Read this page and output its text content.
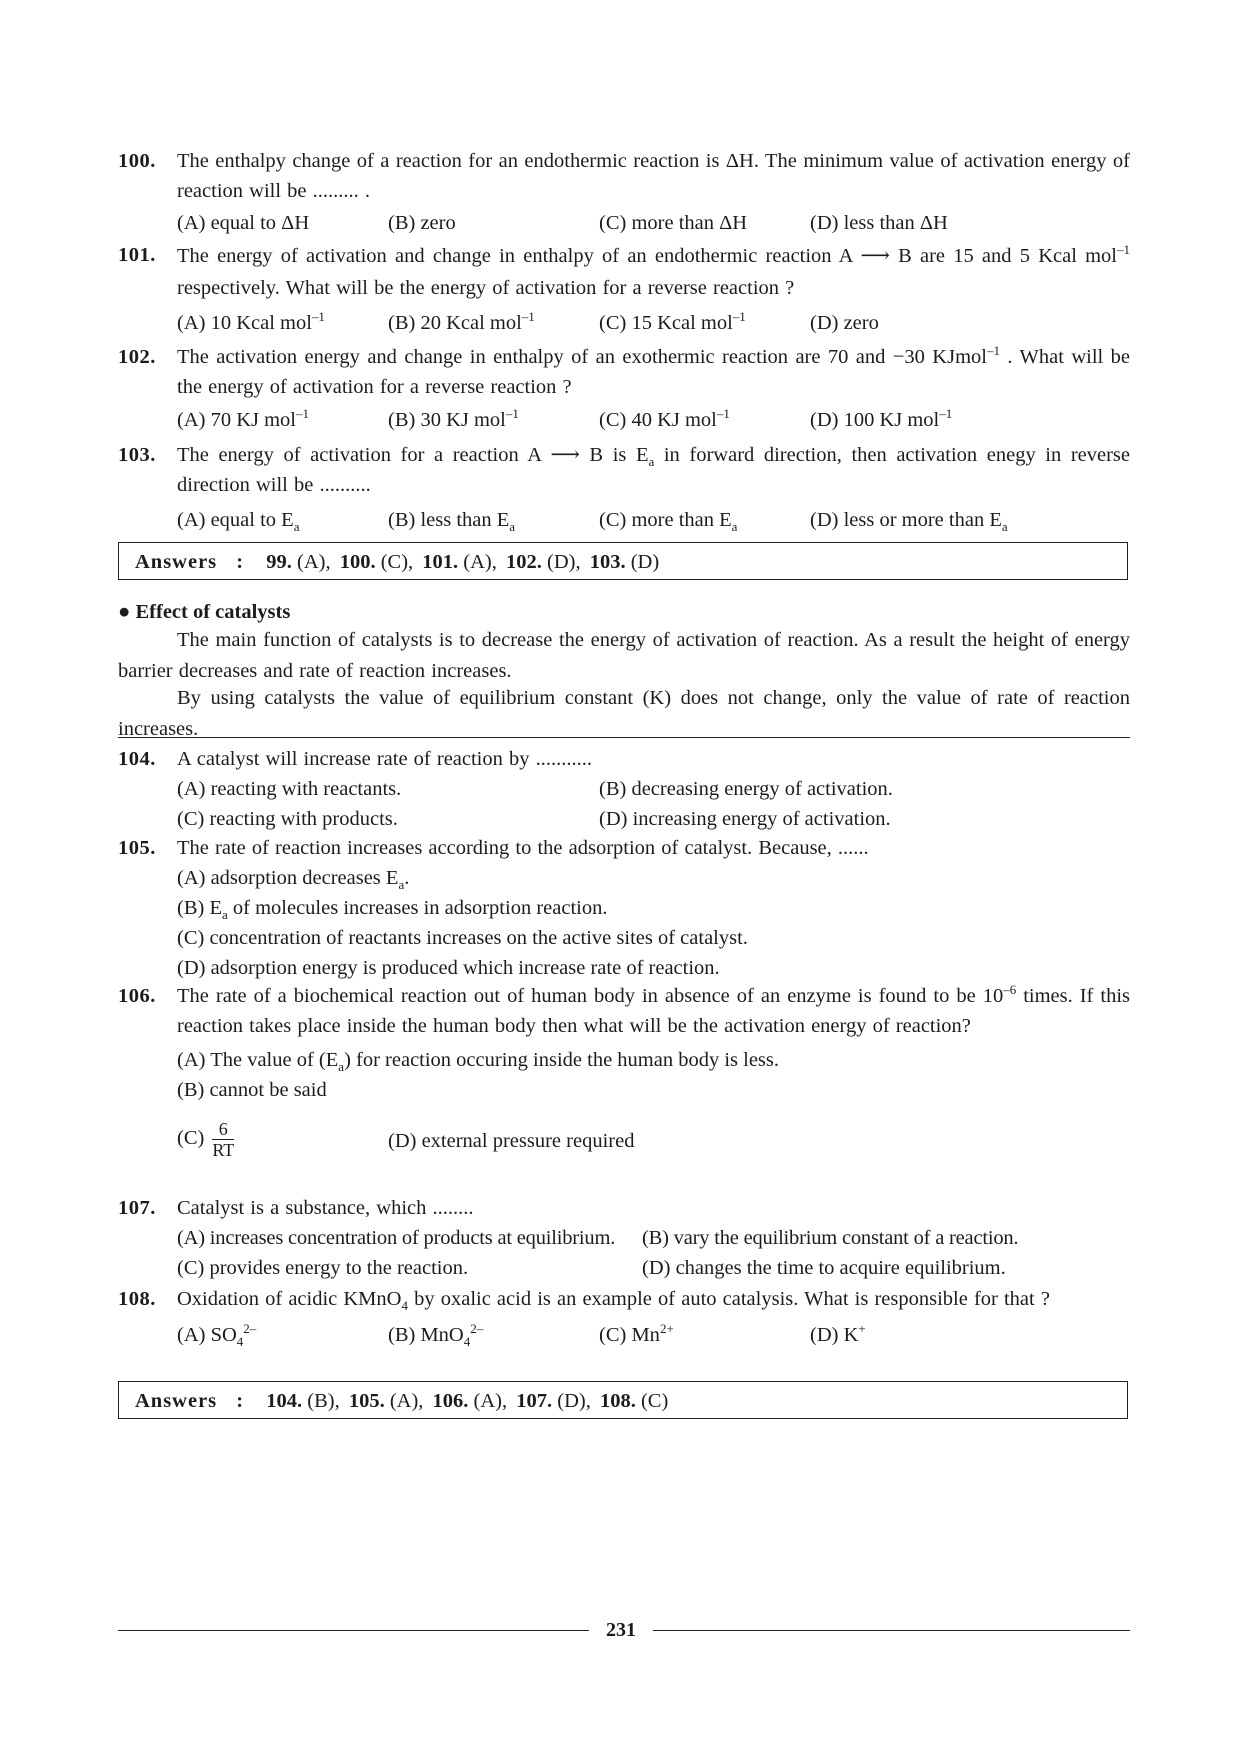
100. The enthalpy change of a reaction for an endothermic reaction is ΔH. The minimum value of activation energy of reaction will be ......... .
(A) equal to ΔH	(B) zero	(C) more than ΔH	(D) less than ΔH
101. The energy of activation and change in enthalpy of an endothermic reaction A ⟶ B are 15 and 5 Kcal mol$^{-1}$ respectively. What will be the energy of activation for a reverse reaction ?
(A) 10 Kcal mol$^{-1}$	(B) 20 Kcal mol$^{-1}$	(C) 15 Kcal mol$^{-1}$	(D) zero
102. The activation energy and change in enthalpy of an exothermic reaction are 70 and −30 KJmol$^{-1}$ . What will be the energy of activation for a reverse reaction ?
(A) 70 KJ mol$^{-1}$	(B) 30 KJ mol$^{-1}$	(C) 40 KJ mol$^{-1}$	(D) 100 KJ mol$^{-1}$
103. The energy of activation for a reaction A ⟶ B is $E_a$ in forward direction, then activation enegy in reverse direction will be ..........
(A) equal to $E_a$	(B) less than $E_a$	(C) more than $E_a$	(D) less or more than $E_a$
Answers : 99. (A), 100. (C), 101. (A), 102. (D), 103. (D)
● Effect of catalysts
The main function of catalysts is to decrease the energy of activation of reaction. As a result the height of energy barrier decreases and rate of reaction increases.
By using catalysts the value of equilibrium constant (K) does not change, only the value of rate of reaction increases.
104. A catalyst will increase rate of reaction by ...........
(A) reacting with reactants.	(B) decreasing energy of activation.
(C) reacting with products.	(D) increasing energy of activation.
105. The rate of reaction increases according to the adsorption of catalyst. Because, ......
(A) adsorption decreases $E_a$.
(B) $E_a$ of molecules increases in adsorption reaction.
(C) concentration of reactants increases on the active sites of catalyst.
(D) adsorption energy is produced which increase rate of reaction.
106. The rate of a biochemical reaction out of human body in absence of an enzyme is found to be $10^{-6}$ times. If this reaction takes place inside the human body then what will be the activation energy of reaction?
(A) The value of $(E_a)$ for reaction occuring inside the human body is less.
(B) cannot be said
$(C) \frac{6}{RT}$	(D) external pressure required
107. Catalyst is a substance, which ........
(A) increases concentration of products at equilibrium. (B) vary the equilibrium constant of a reaction.
(C) provides energy to the reaction.	(D) changes the time to acquire equilibrium.
108. Oxidation of acidic KMnO$_4$ by oxalic acid is an example of auto catalysis. What is responsible for that ?
(A) $SO_4^{2-}$	(B) MnO$_4^{2-}$	(C) $Mn^{2+}$	(D) K+
Answers : 104. (B), 105. (A), 106. (A), 107. (D), 108. (C)
231
